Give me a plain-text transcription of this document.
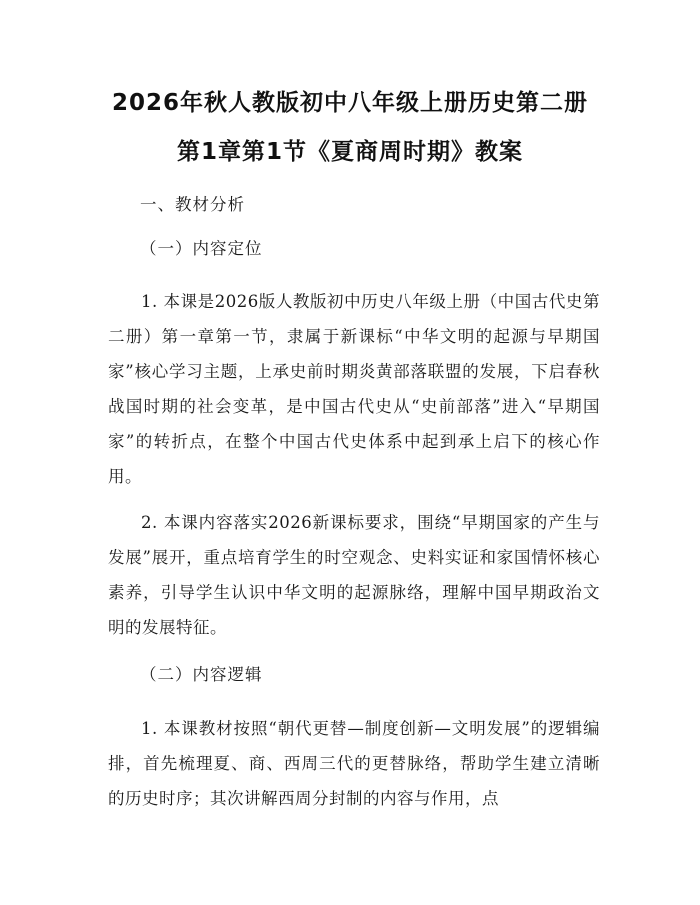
2026年秋人教版初中八年级上册历史第二册
第1章第1节《夏商周时期》教案
一、教材分析
（一）内容定位

1. 本课是2026版人教版初中历史八年级上册（中国古代史第二册）第一章第一节，隶属于新课标“中华文明的起源与早期国家”核心学习主题，上承史前时期炎黄部落联盟的发展，下启春秋战国时期的社会变革，是中国古代史从“史前部落”进入“早期国家”的转折点，在整个中国古代史体系中起到承上启下的核心作用。

2. 本课内容落实2026新课标要求，围绕“早期国家的产生与发展”展开，重点培育学生的时空观念、史料实证和家国情怀核心素养，引导学生认识中华文明的起源脉络，理解中国早期政治文明的发展特征。

（二）内容逻辑

1. 本课教材按照“朝代更替—制度创新—文明发展”的逻辑编排，首先梳理夏、商、西周三代的更替脉络，帮助学生建立清晰的历史时序；其次讲解西周分封制的内容与作用，点
